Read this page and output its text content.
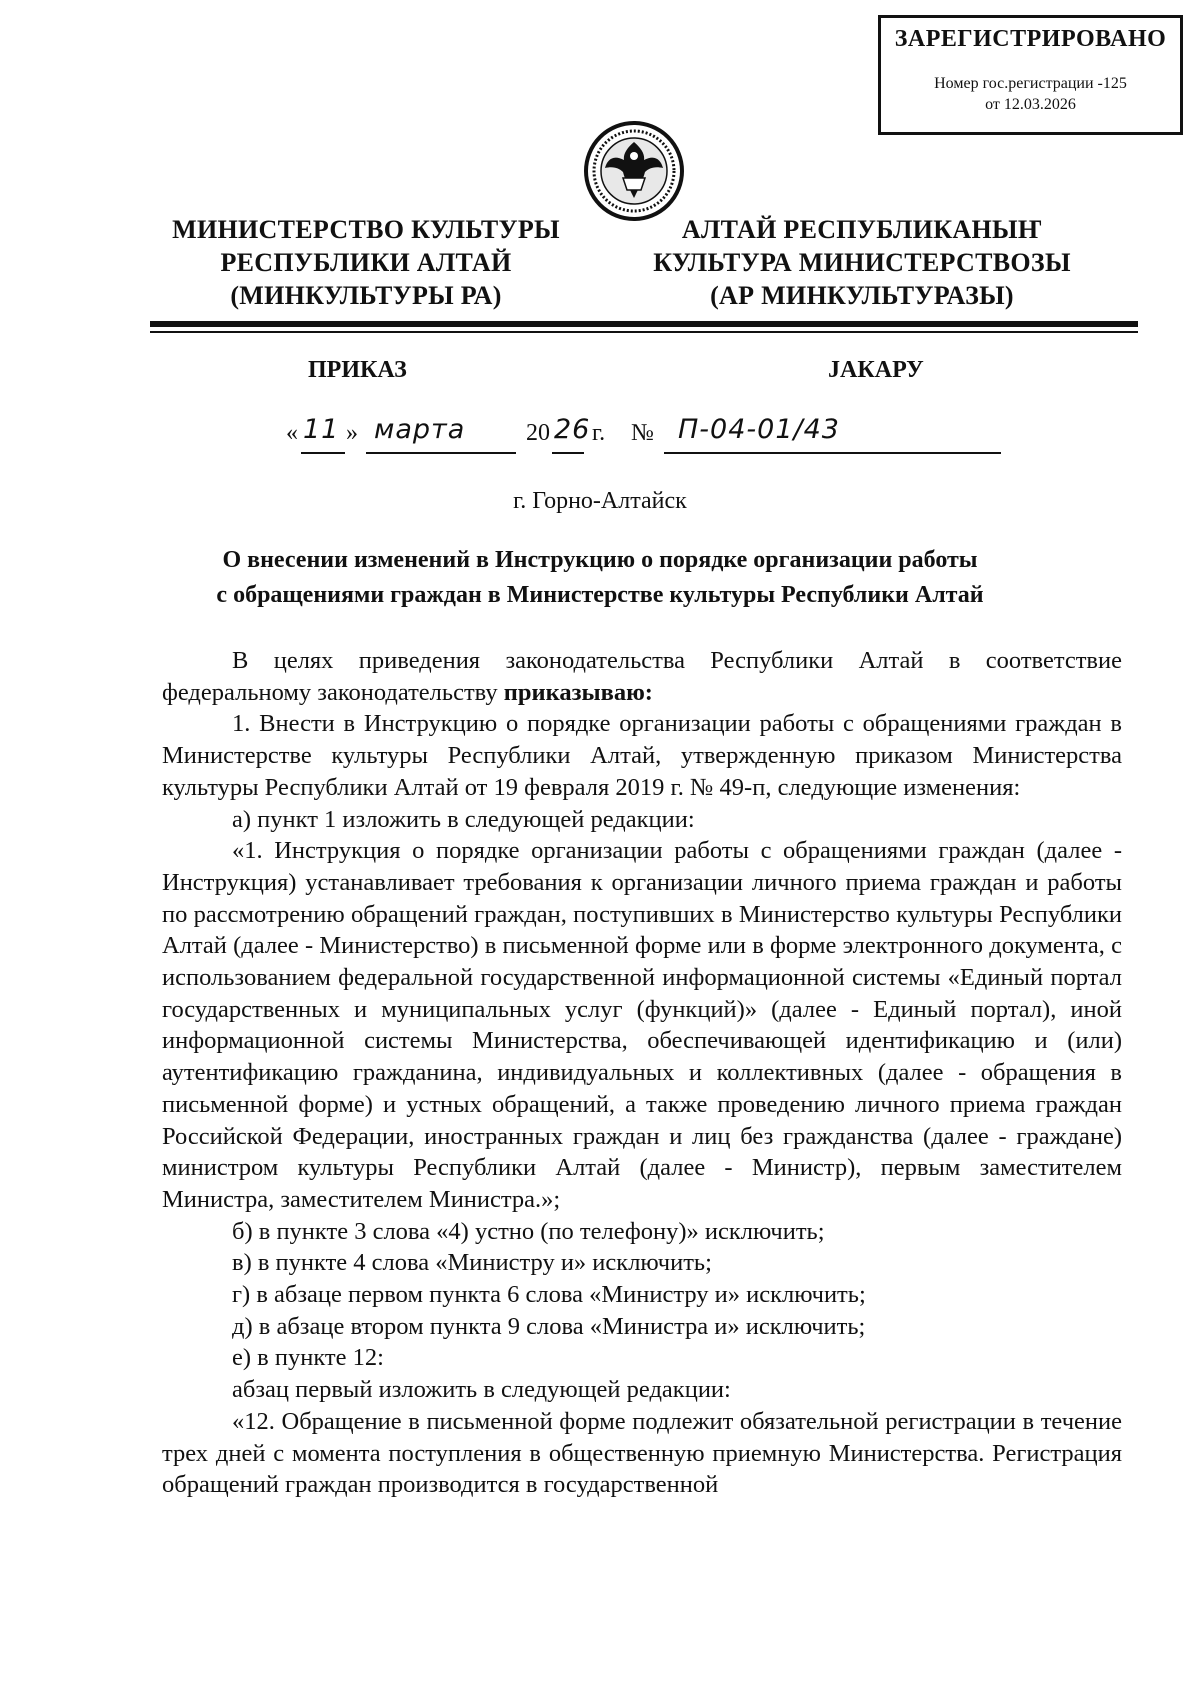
ЗАРЕГИСТРИРОВАНО
Номер гос.регистрации -125
от 12.03.2026
МИНИСТЕРСТВО КУЛЬТУРЫ
РЕСПУБЛИКИ АЛТАЙ
(МИНКУЛЬТУРЫ РА)
АЛТАЙ РЕСПУБЛИКАНЫҤ
КУЛЬТУРА МИНИСТЕРСТВОЗЫ
(АР МИНКУЛЬТУРАЗЫ)
ПРИКАЗ	ЈАКАРУ
« 11 » марта	20 26 г. № П-04-01/43
г. Горно-Алтайск
О внесении изменений в Инструкцию о порядке организации работы
с обращениями граждан в Министерстве культуры Республики Алтай

В целях приведения законодательства Республики Алтай в соответствие

федеральному законодательству приказываю:

1. Внести в Инструкцию о порядке организации работы с обращениями граждан в Министерстве культуры Республики Алтай, утвержденную приказом Министерства культуры Республики Алтай от 19 февраля 2019 г. № 49-п, следующие изменения:

а) пункт 1 изложить в следующей редакции:

«1. Инструкция о порядке организации работы с обращениями граждан (далее - Инструкция) устанавливает требования к организации личного приема граждан и работы по рассмотрению обращений граждан, поступивших в Министерство культуры Республики Алтай (далее - Министерство) в письменной форме или в форме электронного документа, с использованием федеральной государственной информационной системы «Единый портал государственных и муниципальных услуг (функций)» (далее - Единый портал), иной информационной системы Министерства, обеспечивающей идентификацию и (или) аутентификацию гражданина, индивидуальных и коллективных (далее - обращения в письменной форме) и устных обращений, а также проведению личного приема граждан Российской Федерации, иностранных граждан и лиц без гражданства (далее - граждане) министром культуры Республики Алтай (далее - Министр), первым заместителем Министра, заместителем Министра.»;

б) в пункте 3 слова «4) устно (по телефону)» исключить;

в) в пункте 4 слова «Министру и» исключить;

г) в абзаце первом пункта 6 слова «Министру и» исключить;

д) в абзаце втором пункта 9 слова «Министра и» исключить;

е) в пункте 12:

абзац первый изложить в следующей редакции:

«12. Обращение в письменной форме подлежит обязательной регистрации в течение трех дней с момента поступления в общественную приемную Министерства. Регистрация обращений граждан производится в государственной
